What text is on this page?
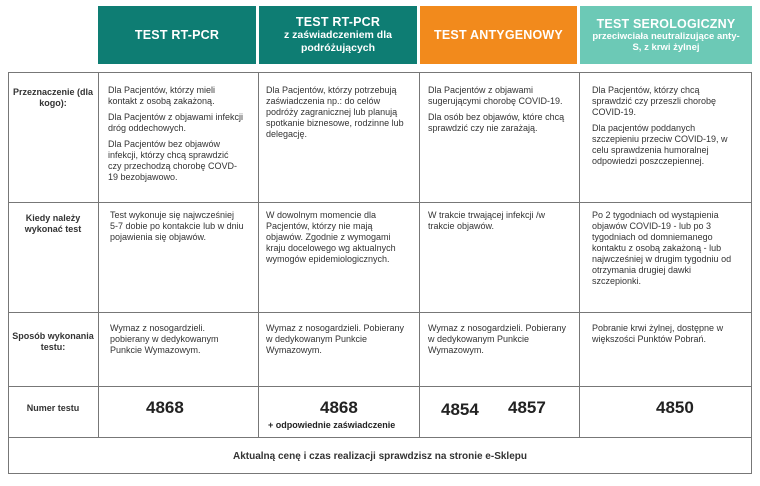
TEST RT-PCR
TEST RT-PCR
z zaświadczeniem dla podróżujących
TEST ANTYGENOWY
TEST SEROLOGICZNY
przeciwciała neutralizujące anty-S, z krwi żylnej
Przeznaczenie (dla kogo):
Kiedy należy wykonać test
Sposób wykonania testu:
Numer testu

Dla Pacjentów, którzy mieli kontakt z osobą zakażoną.

Dla Pacjentów z objawami infekcji dróg oddechowych.

Dla Pacjentów bez objawów infekcji, którzy chcą sprawdzić czy przechodzą chorobę COVD-19 bezobjawowo.

Dla Pacjentów, którzy potrzebują zaświadczenia np.: do celów podróży zagranicznej lub planują spotkanie biznesowe, rodzinne lub delegację.

Dla Pacjentów z objawami sugerującymi chorobę COVID-19.

Dla osób bez objawów, które chcą sprawdzić czy nie zarażają.

Dla Pacjentów, którzy chcą sprawdzić czy przeszli chorobę COVID-19.

Dla pacjentów poddanych szczepieniu przeciw COVID-19, w celu sprawdzenia humoralnej odpowiedzi poszczepiennej.

Test wykonuje się najwcześniej 5-7 dobie po kontakcie lub w dniu pojawienia się objawów.

W dowolnym momencie dla Pacjentów, którzy nie mają objawów. Zgodnie z wymogami kraju docelowego wg aktualnych wymogów epidemiologicznych.

W trakcie trwającej infekcji /w trakcie objawów.

Po 2 tygodniach od wystąpienia objawów COVID-19 - lub po 3 tygodniach od domniemanego kontaktu z osobą zakażoną - lub najwcześniej w drugim tygodniu od otrzymania drugiej dawki szczepionki.

Wymaz z nosogardzieli. pobierany w dedykowanym Punkcie Wymazowym.

Wymaz z nosogardzieli. Pobierany w dedykowanym Punkcie Wymazowym.

Wymaz z nosogardzieli. Pobierany w dedykowanym Punkcie Wymazowym.

Pobranie krwi żylnej, dostępne w większości Punktów Pobrań.

4868	4868
+ odpowiednie zaświadczenie
4854 4857	4850
Aktualną cenę i czas realizacji sprawdzisz na stronie e-Sklepu
